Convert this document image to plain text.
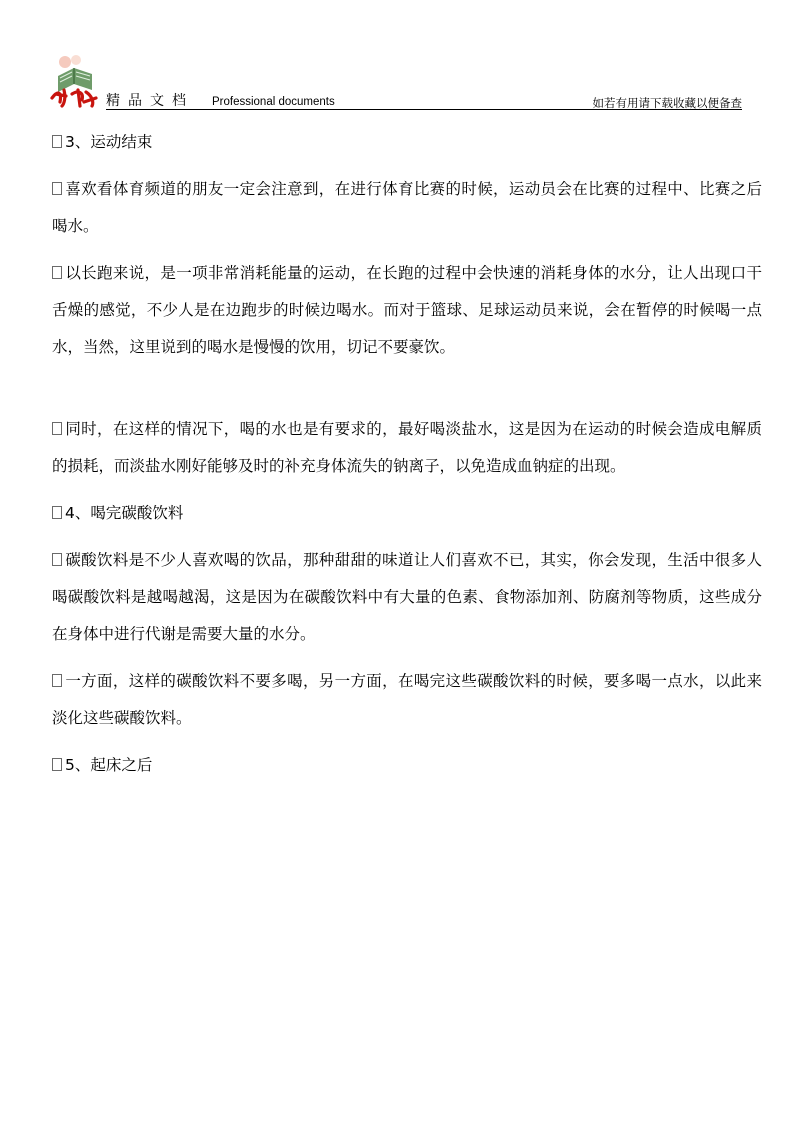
精品文档 Professional documents	如若有用请下载收藏以便备查
3、运动结束
喜欢看体育频道的朋友一定会注意到，在进行体育比赛的时候，运动员会在比赛的过程中、比赛之后喝水。
以长跑来说，是一项非常消耗能量的运动，在长跑的过程中会快速的消耗身体的水分，让人出现口干舌燥的感觉，不少人是在边跑步的时候边喝水。而对于篮球、足球运动员来说，会在暂停的时候喝一点水，当然，这里说到的喝水是慢慢的饮用，切记不要豪饮。
同时，在这样的情况下，喝的水也是有要求的，最好喝淡盐水，这是因为在运动的时候会造成电解质的损耗，而淡盐水刚好能够及时的补充身体流失的钠离子，以免造成血钠症的出现。
4、喝完碳酸饮料
碳酸饮料是不少人喜欢喝的饮品，那种甜甜的味道让人们喜欢不已，其实，你会发现，生活中很多人喝碳酸饮料是越喝越渴，这是因为在碳酸饮料中有大量的色素、食物添加剂、防腐剂等物质，这些成分在身体中进行代谢是需要大量的水分。
一方面，这样的碳酸饮料不要多喝，另一方面，在喝完这些碳酸饮料的时候，要多喝一点水，以此来淡化这些碳酸饮料。
5、起床之后
